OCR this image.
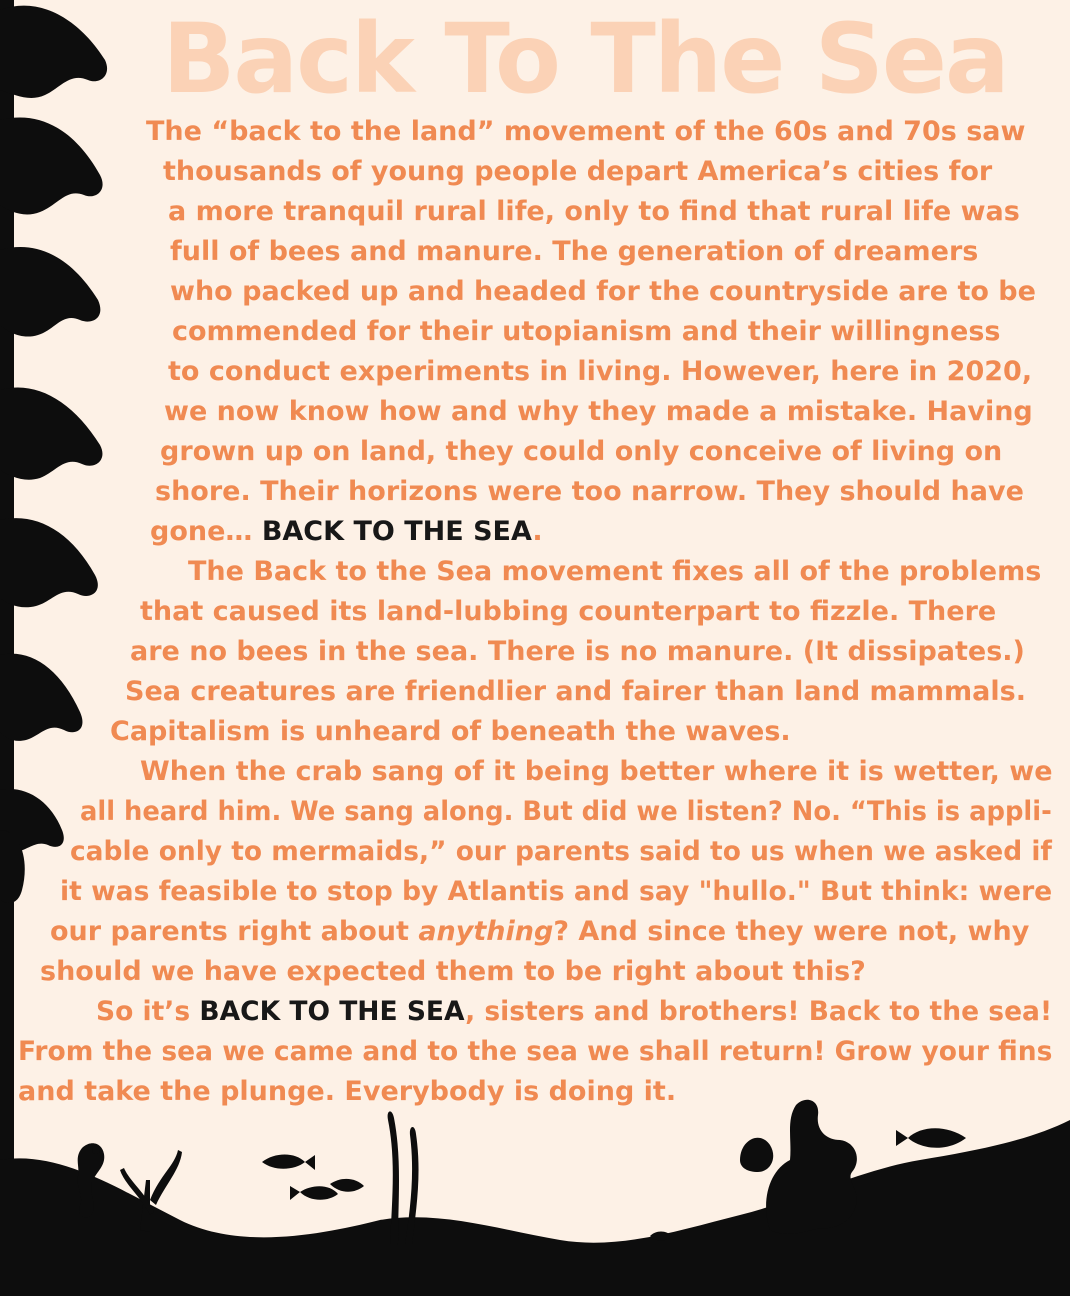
Back To The Sea
The “back to the land” movement of the 60s and 70s saw
thousands of young people depart America’s cities for
a more tranquil rural life, only to find that rural life was
full of bees and manure. The generation of dreamers
who packed up and headed for the countryside are to be
commended for their utopianism and their willingness
to conduct experiments in living. However, here in 2020,
we now know how and why they made a mistake. Having
grown up on land, they could only conceive of living on
shore. Their horizons were too narrow. They should have
gone… BACK TO THE SEA.
The Back to the Sea movement fixes all of the problems
that caused its land-lubbing counterpart to fizzle. There
are no bees in the sea. There is no manure. (It dissipates.)
Sea creatures are friendlier and fairer than land mammals.
Capitalism is unheard of beneath the waves.
When the crab sang of it being better where it is wetter, we
all heard him. We sang along. But did we listen? No. “This is appli-
cable only to mermaids,” our parents said to us when we asked if
it was feasible to stop by Atlantis and say "hullo." But think: were
our parents right about anything? And since they were not, why
should we have expected them to be right about this?
So it’s BACK TO THE SEA, sisters and brothers! Back to the sea!
From the sea we came and to the sea we shall return! Grow your fins
and take the plunge. Everybody is doing it.
